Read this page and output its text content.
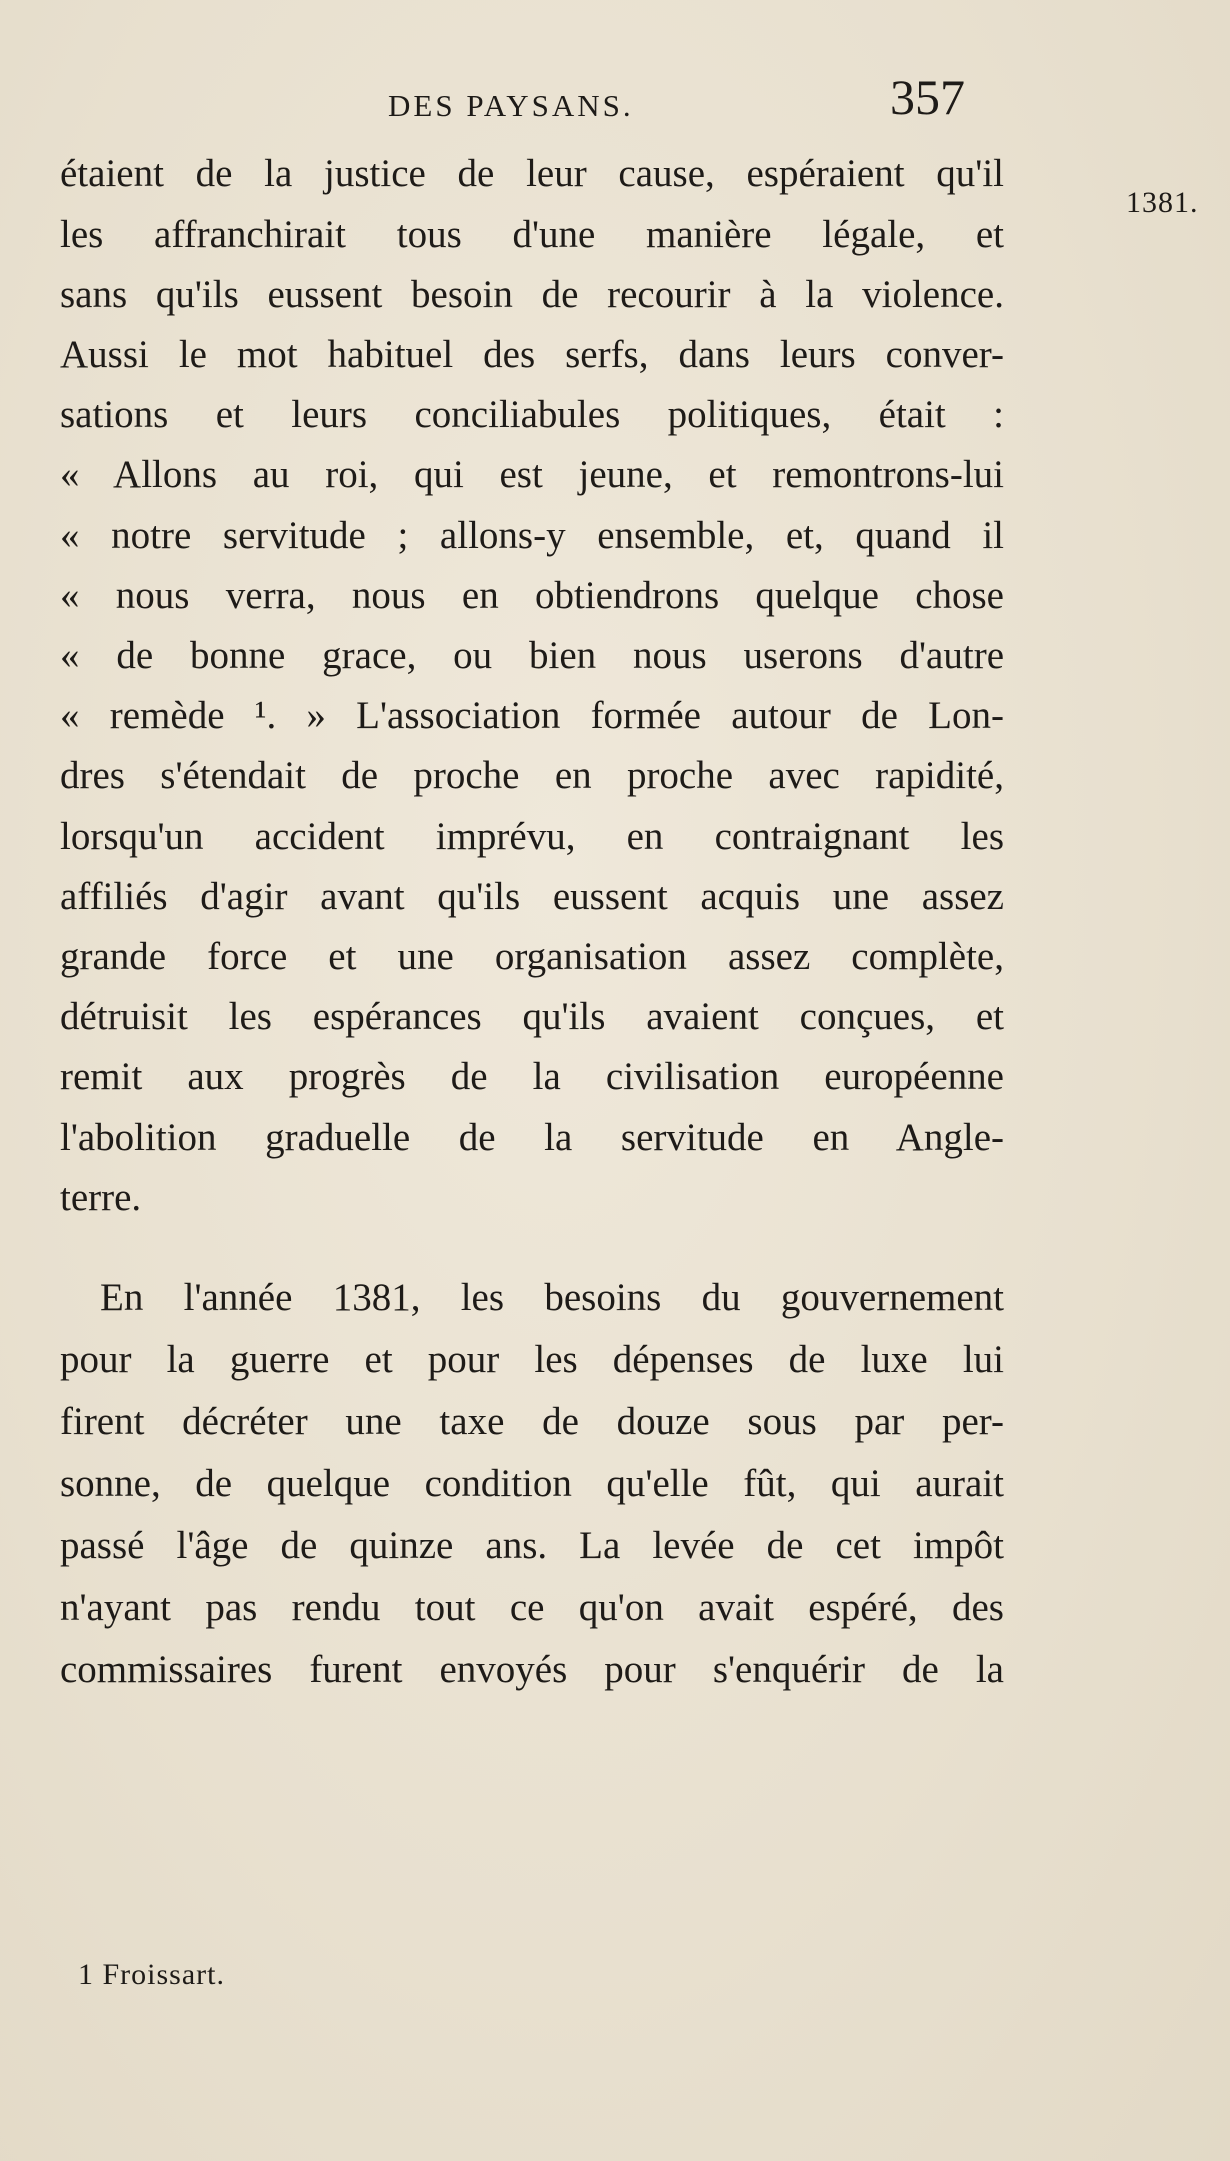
DES PAYSANS.	357
1381.
étaient de la justice de leur cause, espéraient qu'il
les affranchirait tous d'une manière légale, et
sans qu'ils eussent besoin de recourir à la violence.
Aussi le mot habituel des serfs, dans leurs conver-
sations et leurs conciliabules politiques, était :
« Allons au roi, qui est jeune, et remontrons-lui
« notre servitude ; allons-y ensemble, et, quand il
« nous verra, nous en obtiendrons quelque chose
« de bonne grace, ou bien nous userons d'autre
« remède ¹. » L'association formée autour de Lon-
dres s'étendait de proche en proche avec rapidité,
lorsqu'un accident imprévu, en contraignant les
affiliés d'agir avant qu'ils eussent acquis une assez
grande force et une organisation assez complète,
détruisit les espérances qu'ils avaient conçues, et
remit aux progrès de la civilisation européenne
l'abolition graduelle de la servitude en Angle-
terre.
En l'année 1381, les besoins du gouvernement
pour la guerre et pour les dépenses de luxe lui
firent décréter une taxe de douze sous par per-
sonne, de quelque condition qu'elle fût, qui aurait
passé l'âge de quinze ans. La levée de cet impôt
n'ayant pas rendu tout ce qu'on avait espéré, des
commissaires furent envoyés pour s'enquérir de la
1 Froissart.
